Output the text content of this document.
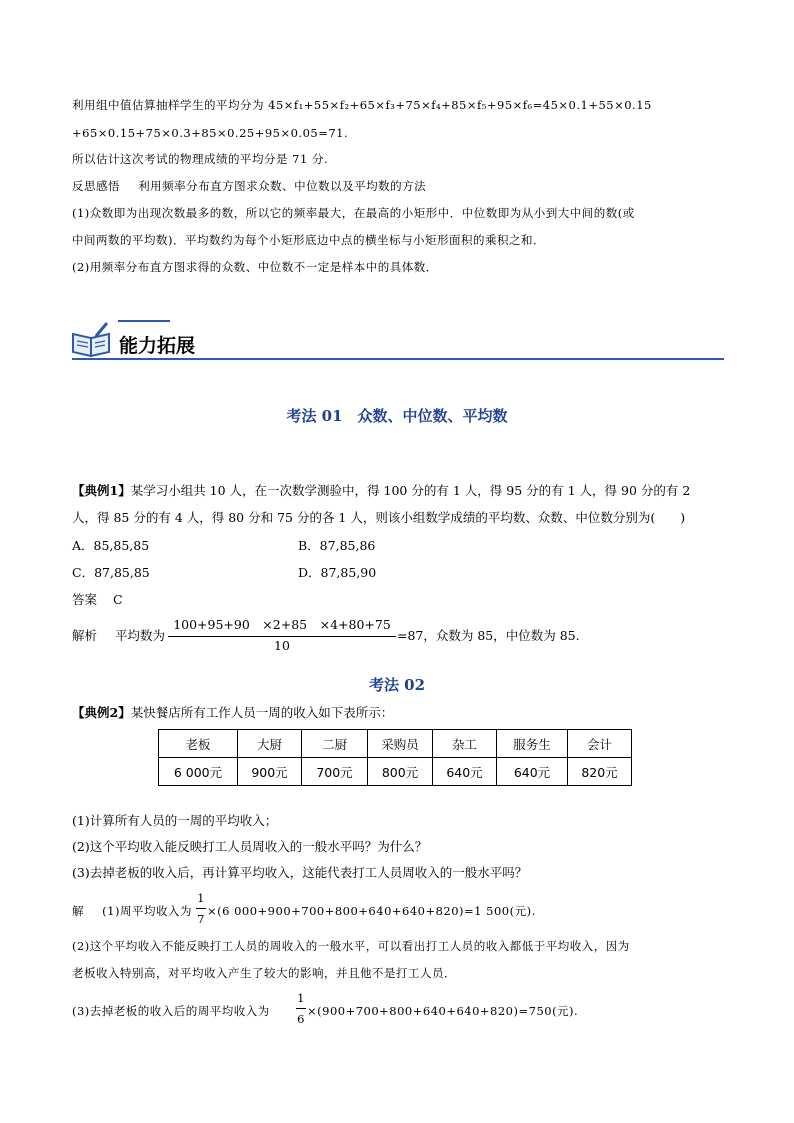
利用组中值估算抽样学生的平均分为 45×f₁+55×f₂+65×f₃+75×f₄+85×f₅+95×f₆=45×0.1+55×0.15
+65×0.15+75×0.3+85×0.25+95×0.05=71.
所以估计这次考试的物理成绩的平均分是 71 分.
反思感悟 利用频率分布直方图求众数、中位数以及平均数的方法
(1)众数即为出现次数最多的数，所以它的频率最大，在最高的小矩形中．中位数即为从小到大中间的数(或
中间两数的平均数)．平均数约为每个小矩形底边中点的横坐标与小矩形面积的乘积之和．
(2)用频率分布直方图求得的众数、中位数不一定是样本中的具体数．
能力拓展
考法 01　众数、中位数、平均数
【典例1】某学习小组共 10 人，在一次数学测验中，得 100 分的有 1 人，得 95 分的有 1 人，得 90 分的有 2
人，得 85 分的有 4 人，得 80 分和 75 分的各 1 人，则该小组数学成绩的平均数、众数、中位数分别为(　　)
A．85,85,85	B．87,85,86
C．87,85,85	D．87,85,90
答案 C
解析 平均数为
100+95+90　×2+85　×4+80+75
10
=87，众数为 85，中位数为 85.
考法 02
【典例2】某快餐店所有工作人员一周的收入如下表所示：
老板	大厨	二厨	采购员	杂工	服务生	会计
6 000元	900元	700元	800元	640元	640元	820元
(1)计算所有人员的一周的平均收入；
(2)这个平均收入能反映打工人员周收入的一般水平吗？为什么？
(3)去掉老板的收入后，再计算平均收入，这能代表打工人员周收入的一般水平吗？
解 (1)周平均收入为
1
7
×(6 000+900+700+800+640+640+820)=1 500(元).
(2)这个平均收入不能反映打工人员的周收入的一般水平，可以看出打工人员的收入都低于平均收入，因为
老板收入特别高，对平均收入产生了较大的影响，并且他不是打工人员．
(3)去掉老板的收入后的周平均收入为
1
6
×(900+700+800+640+640+820)=750(元).
